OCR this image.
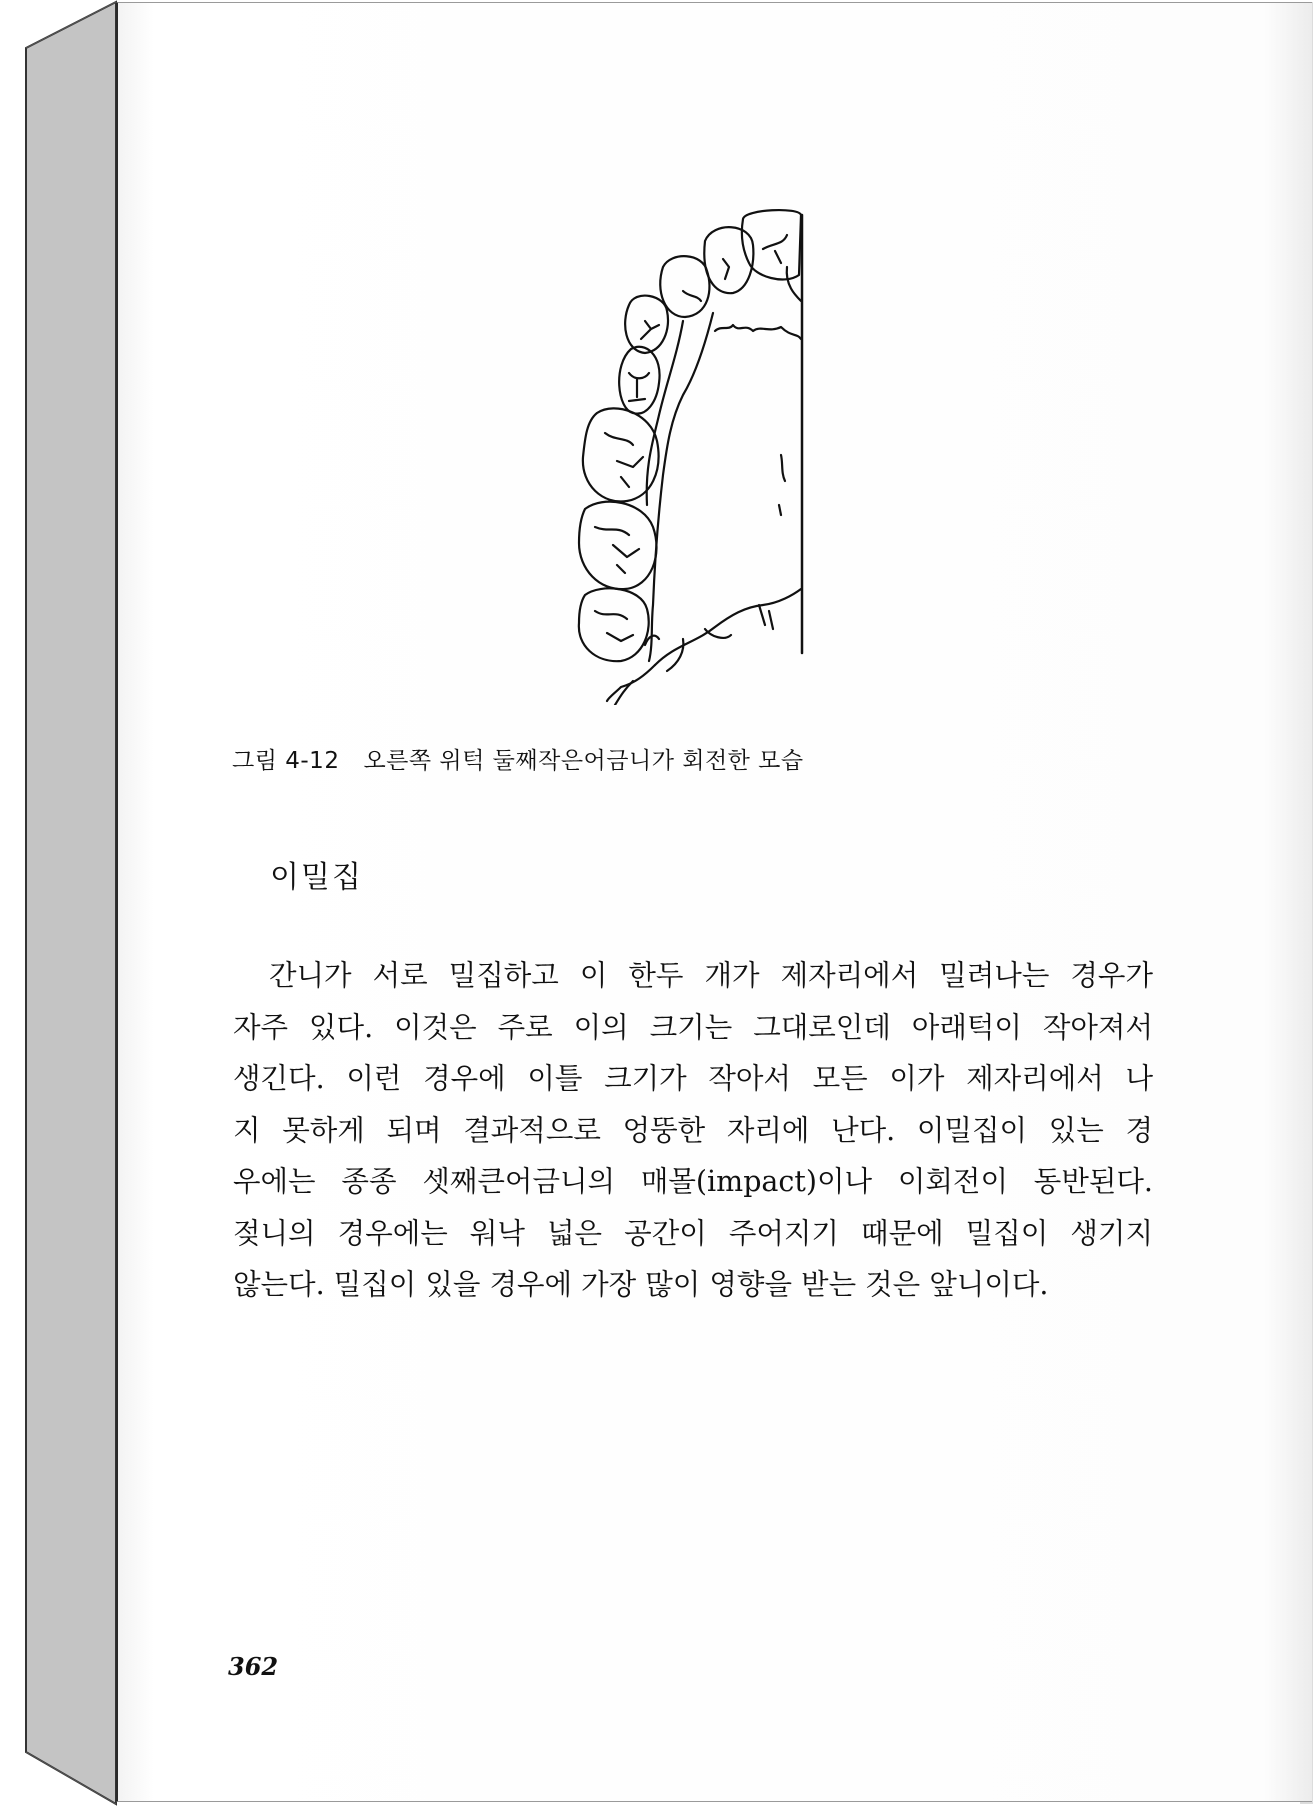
그림 4-12 오른쪽 위턱 둘째작은어금니가 회전한 모습
이밀집
간니가 서로 밀집하고 이 한두 개가 제자리에서 밀려나는 경우가
자주 있다. 이것은 주로 이의 크기는 그대로인데 아래턱이 작아져서
생긴다. 이런 경우에 이틀 크기가 작아서 모든 이가 제자리에서 나
지 못하게 되며 결과적으로 엉뚱한 자리에 난다. 이밀집이 있는 경
우에는 종종 셋째큰어금니의 매몰(impact)이나 이회전이 동반된다.
젖니의 경우에는 워낙 넓은 공간이 주어지기 때문에 밀집이 생기지
않는다. 밀집이 있을 경우에 가장 많이 영향을 받는 것은 앞니이다.
362
